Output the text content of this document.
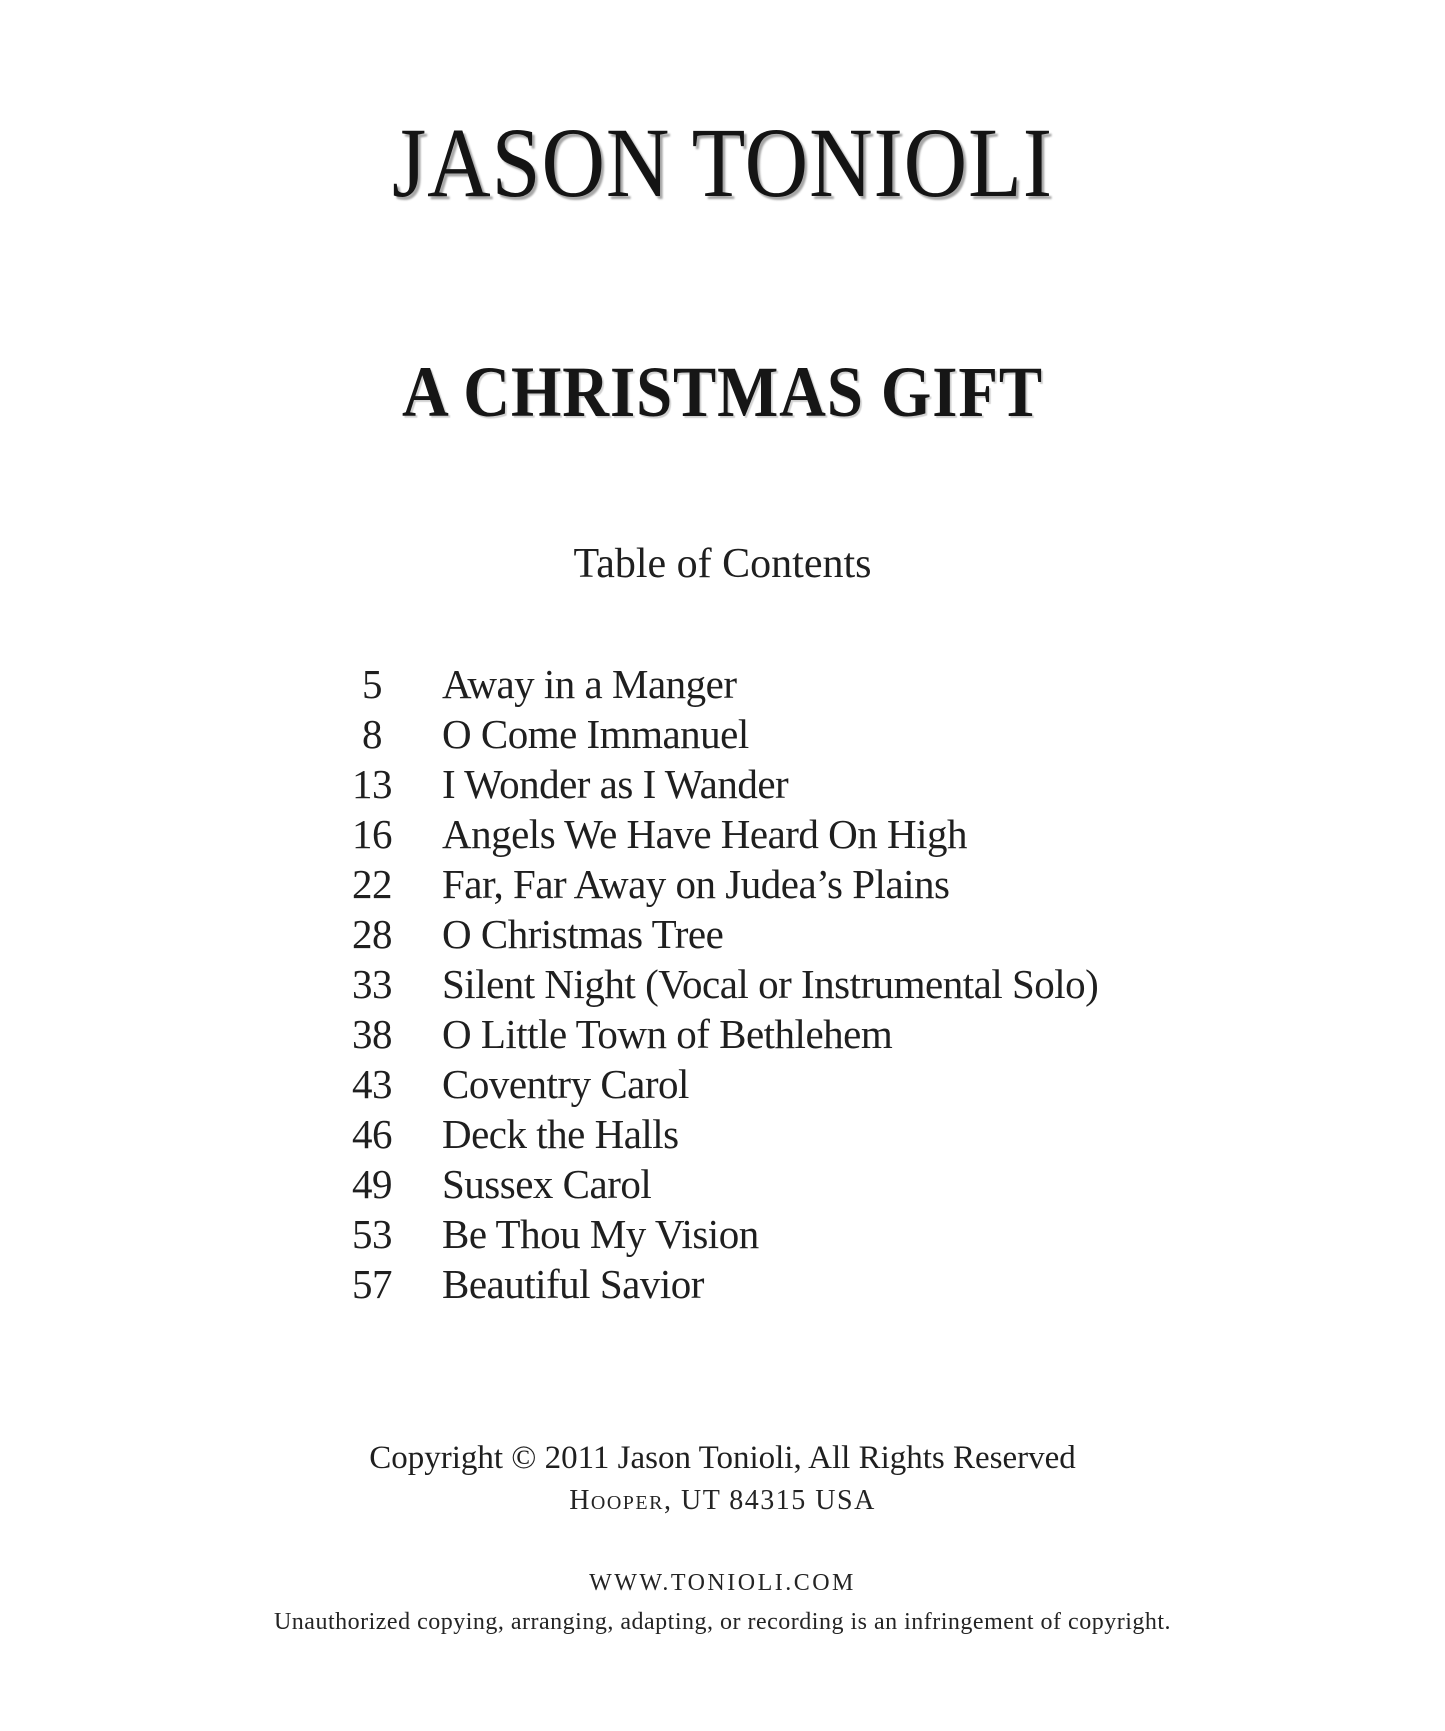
JASON TONIOLI
A CHRISTMAS GIFT
Table of Contents
5	Away in a Manger
8	O Come Immanuel
13	I Wonder as I Wander
16	Angels We Have Heard On High
22	Far, Far Away on Judea’s Plains
28	O Christmas Tree
33	Silent Night (Vocal or Instrumental Solo)
38	O Little Town of Bethlehem
43	Coventry Carol
46	Deck the Halls
49	Sussex Carol
53	Be Thou My Vision
57	Beautiful Savior
Copyright © 2011 Jason Tonioli, All Rights Reserved
Hooper, UT 84315 USA
WWW.TONIOLI.COM
Unauthorized copying, arranging, adapting, or recording is an infringement of copyright.
